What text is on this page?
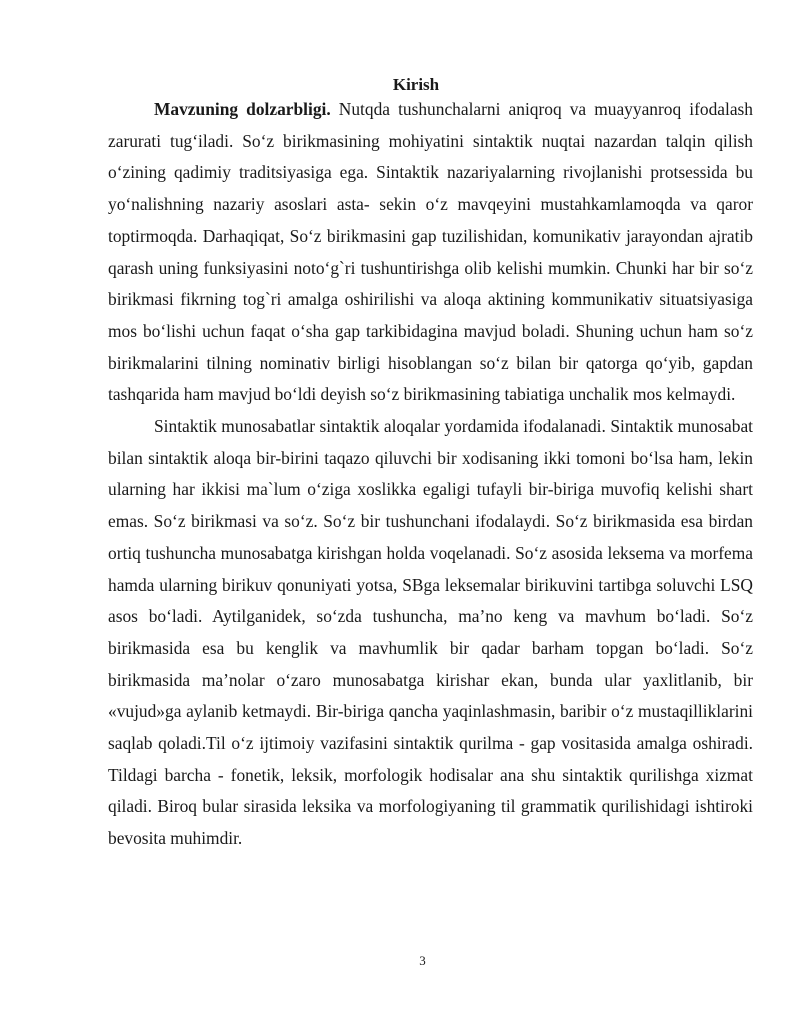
Kirish

Mavzuning dolzarbligi. Nutqda tushunchalarni aniqroq va muayyanroq ifodalash zarurati tug‘iladi. So‘z birikmasining mohiyatini sintaktik nuqtai nazardan talqin qilish o‘zining qadimiy traditsiyasiga ega. Sintaktik nazariyalarning rivojlanishi protsessida bu yo‘nalishning nazariy asoslari asta- sekin o‘z mavqeyini mustahkamlamoqda va qaror toptirmoqda. Darhaqiqat, So‘z birikmasini gap tuzilishidan, komunikativ jarayondan ajratib qarash uning funksiyasini noto‘g`ri tushuntirishga olib kelishi mumkin. Chunki har bir so‘z birikmasi fikrning tog`ri amalga oshirilishi va aloqa aktining kommunikativ situatsiyasiga mos bo‘lishi uchun faqat o‘sha gap tarkibidagina mavjud boladi. Shuning uchun ham so‘z birikmalarini tilning nominativ birligi hisoblangan so‘z bilan bir qatorga qo‘yib, gapdan tashqarida ham mavjud bo‘ldi deyish so‘z birikmasining tabiatiga unchalik mos kelmaydi.

Sintaktik munosabatlar sintaktik aloqalar yordamida ifodalanadi. Sintaktik munosabat bilan sintaktik aloqa bir-birini taqazo qiluvchi bir xodisaning ikki tomoni bo‘lsa ham, lekin ularning har ikkisi ma`lum o‘ziga xoslikka egaligi tufayli bir-biriga muvofiq kelishi shart emas. So‘z birikmasi va so‘z. So‘z bir tushunchani ifodalaydi. So‘z birikmasida esa birdan ortiq tushuncha munosabatga kirishgan holda voqelanadi. So‘z asosida leksema va morfema hamda ularning birikuv qonuniyati yotsa, SBga leksemalar birikuvini tartibga soluvchi LSQ asos bo‘ladi. Aytilganidek, so‘zda tushuncha, ma’no keng va mavhum bo‘ladi. So‘z birikmasida esa bu kenglik va mavhumlik bir qadar barham topgan bo‘ladi. So‘z birikmasida ma’nolar o‘zaro munosabatga kirishar ekan, bunda ular yaxlitlanib, bir «vujud»ga aylanib ketmaydi. Bir-biriga qancha yaqinlashmasin, baribir o‘z mustaqilliklarini saqlab qoladi.Til o‘z ijtimoiy vazifasini sintaktik qurilma - gap vositasida amalga oshiradi. Tildagi barcha - fonetik, leksik, morfologik hodisalar ana shu sintaktik qurilishga xizmat qiladi. Biroq bular sirasida leksika va morfologiyaning til grammatik qurilishidagi ishtiroki bevosita muhimdir.

3
